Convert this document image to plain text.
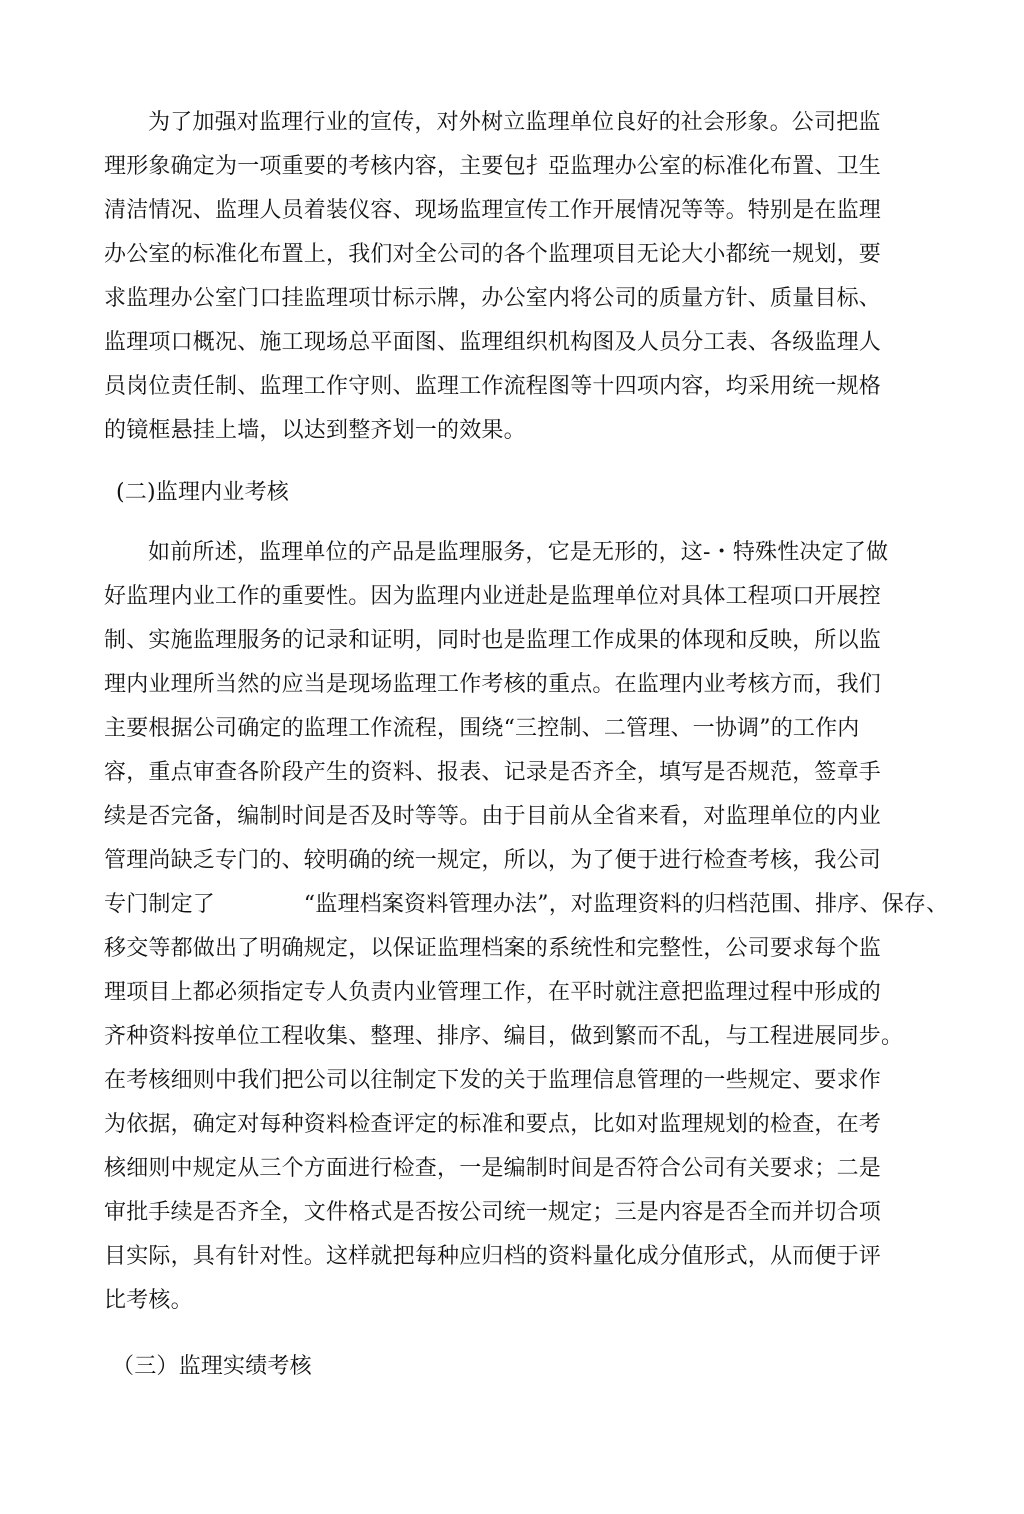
为了加强对监理行业的宣传，对外树立监理单位良好的社会形象。公司把监
理形象确定为一项重要的考核内容，主要包扌亞监理办公室的标准化布置、卫生
清洁情况、监理人员着装仪容、现场监理宣传工作开展情况等等。特别是在监理
办公室的标准化布置上，我们对全公司的各个监理项目无论大小都统一规划，要
求监理办公室门口挂监理项廿标示牌，办公室内将公司的质量方针、质量目标、
监理项口概况、施工现场总平面图、监理组织机构图及人员分工表、各级监理人
员岗位责任制、监理工作守则、监理工作流程图等十四项内容，均采用统一规格
的镜框悬挂上墙，以达到整齐划一的效果。
(二)监理内业考核
如前所述，监理单位的产品是监理服务，它是无形的，这-・特殊性决定了做
好监理内业工作的重要性。因为监理内业迸赴是监理单位对具体工程项口开展控
制、实施监理服务的记录和证明，同时也是监理工作成果的体现和反映，所以监
理内业理所当然的应当是现场监理工作考核的重点。在监理内业考核方而，我们
主要根据公司确定的监理工作流程，围绕“三控制、二管理、一协调”的工作内
容，重点审查各阶段产生的资料、报表、记录是否齐全，填写是否规范，签章手
续是否完备，编制时间是否及时等等。由于目前从全省来看，对监理单位的内业
管理尚缺乏专门的、较明确的统一规定，所以，为了便于进行检查考核，我公司
专门制定了　　　　“监理档案资料管理办法”，对监理资料的归档范围、排序、保存、
移交等都做出了明确规定，以保证监理档案的系统性和完整性，公司要求每个监
理项目上都必须指定专人负责内业管理工作，在平时就注意把监理过程中形成的
齐种资料按单位工程收集、整理、排序、编目，做到繁而不乱，与工程进展同步。
在考核细则中我们把公司以往制定下发的关于监理信息管理的一些规定、要求作
为依据，确定对每种资料检查评定的标准和要点，比如对监理规划的检查，在考
核细则中规定从三个方面进行检查，一是编制时间是否符合公司有关要求；二是
审批手续是否齐全，文件格式是否按公司统一规定；三是内容是否全而并切合项
目实际，具有针对性。这样就把每种应归档的资料量化成分值形式，从而便于评
比考核。
（三）监理实绩考核
